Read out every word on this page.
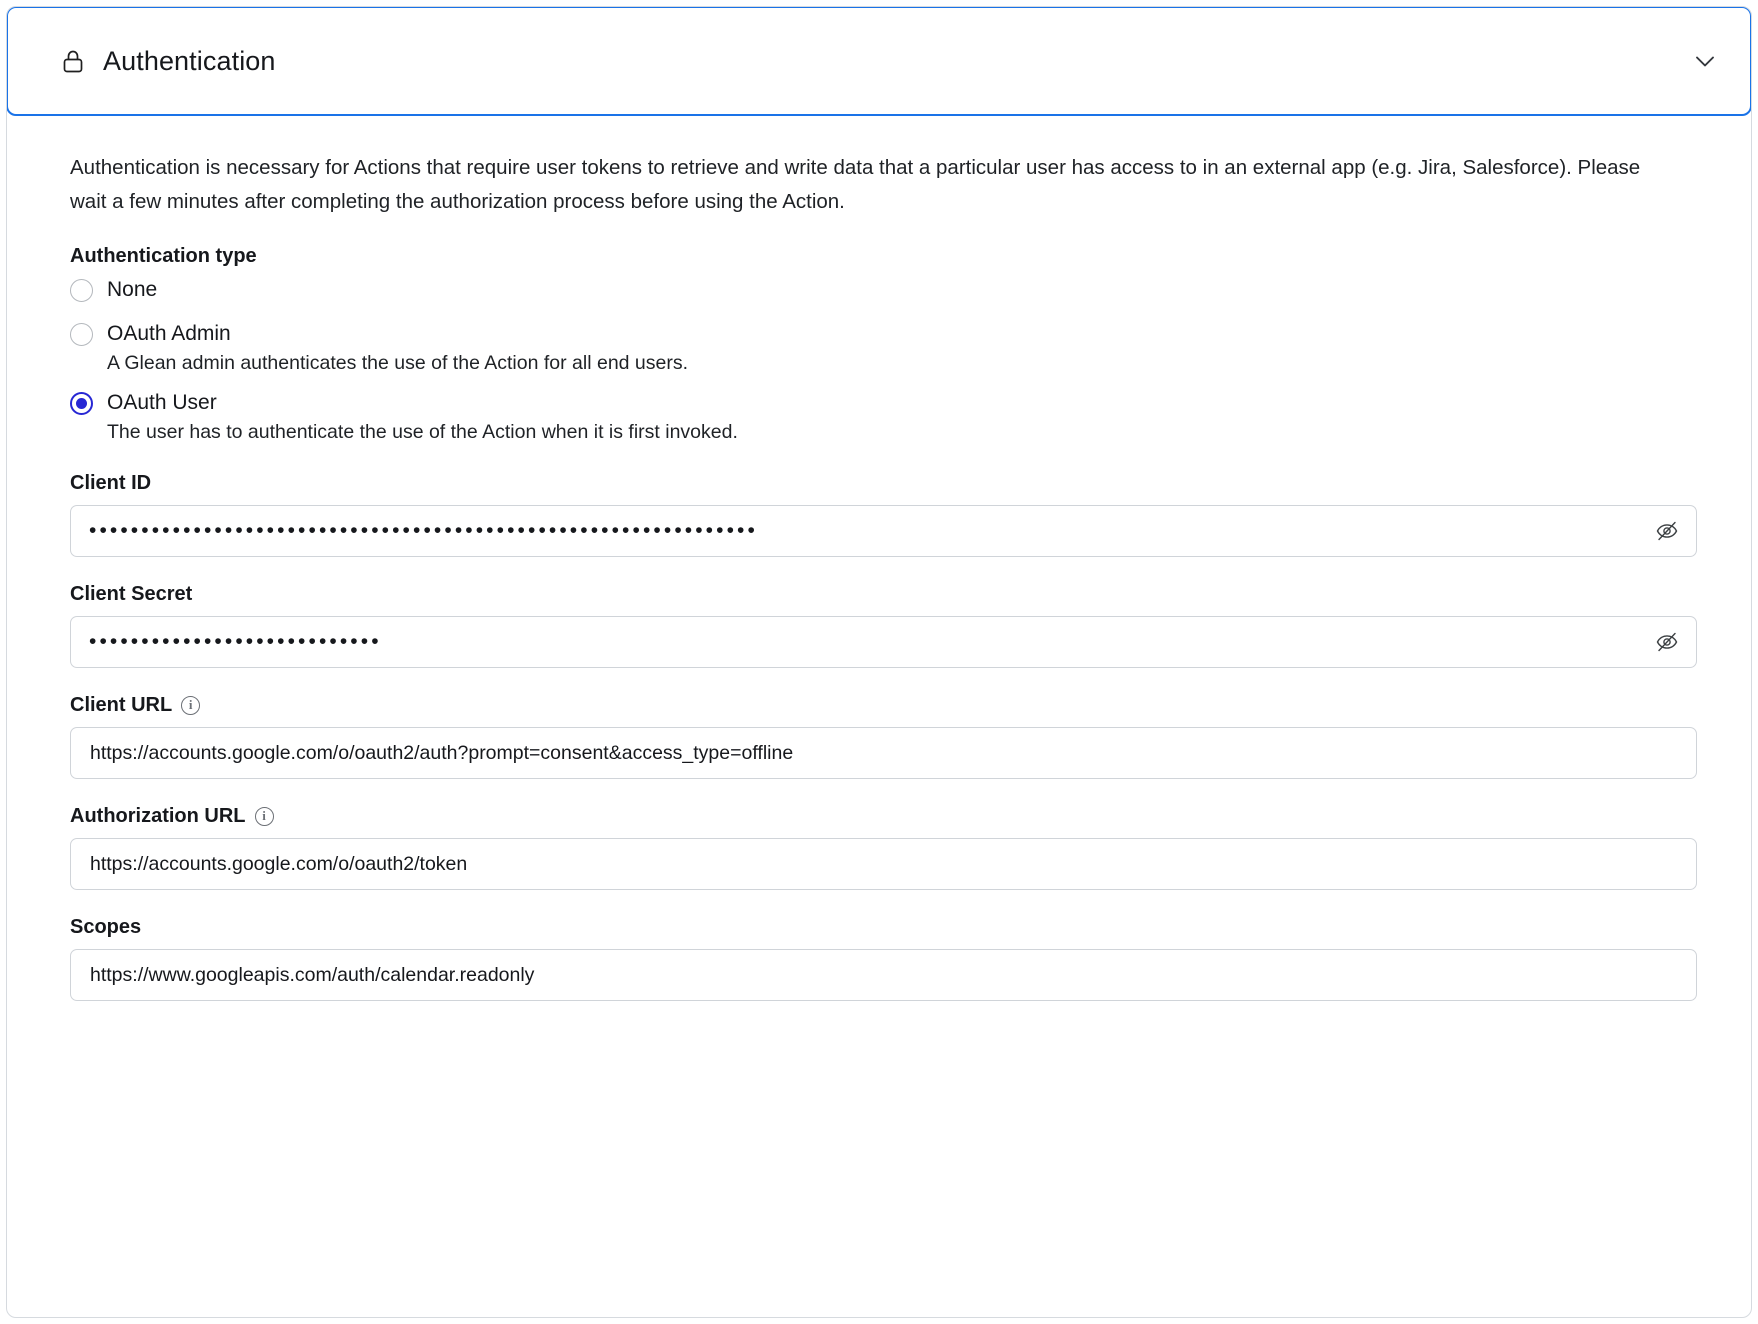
Authentication

Authentication is necessary for Actions that require user tokens to retrieve and write data that a particular user has access to in an external app (e.g. Jira, Salesforce). Please wait a few minutes after completing the authorization process before using the Action.

Authentication type
None
OAuth Admin
A Glean admin authenticates the use of the Action for all end users.
OAuth User
The user has to authenticate the use of the Action when it is first invoked.
Client ID
••••••••••••••••••••••••••••••••••••••••••••••••••••••••••••••••
Client Secret
••••••••••••••••••••••••••••
Client URL	i
https://accounts.google.com/o/oauth2/auth?prompt=consent&access_type=offline
Authorization URL	i
https://accounts.google.com/o/oauth2/token
Scopes
https://www.googleapis.com/auth/calendar.readonly
